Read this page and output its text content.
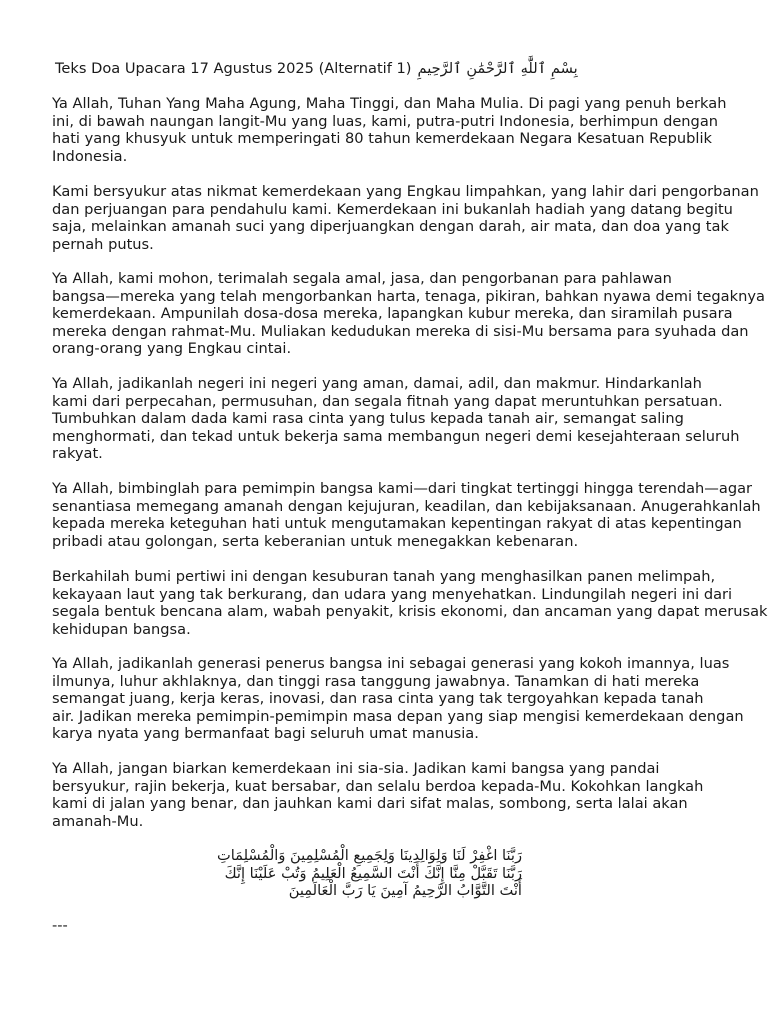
Teks Doa Upacara 17 Agustus 2025 (Alternatif 1) بِسْمِ ٱللَّٰهِ ٱلرَّحْمَٰنِ ٱلرَّحِيمِ

Ya Allah, Tuhan Yang Maha Agung, Maha Tinggi, dan Maha Mulia. Di pagi yang penuh berkah
ini, di bawah naungan langit-Mu yang luas, kami, putra-putri Indonesia, berhimpun dengan
hati yang khusyuk untuk memperingati 80 tahun kemerdekaan Negara Kesatuan Republik
Indonesia.

Kami bersyukur atas nikmat kemerdekaan yang Engkau limpahkan, yang lahir dari pengorbanan
dan perjuangan para pendahulu kami. Kemerdekaan ini bukanlah hadiah yang datang begitu
saja, melainkan amanah suci yang diperjuangkan dengan darah, air mata, dan doa yang tak
pernah putus.

Ya Allah, kami mohon, terimalah segala amal, jasa, dan pengorbanan para pahlawan
bangsa—mereka yang telah mengorbankan harta, tenaga, pikiran, bahkan nyawa demi tegaknya
kemerdekaan. Ampunilah dosa-dosa mereka, lapangkan kubur mereka, dan siramilah pusara
mereka dengan rahmat-Mu. Muliakan kedudukan mereka di sisi-Mu bersama para syuhada dan
orang-orang yang Engkau cintai.

Ya Allah, jadikanlah negeri ini negeri yang aman, damai, adil, dan makmur. Hindarkanlah
kami dari perpecahan, permusuhan, dan segala fitnah yang dapat meruntuhkan persatuan.
Tumbuhkan dalam dada kami rasa cinta yang tulus kepada tanah air, semangat saling
menghormati, dan tekad untuk bekerja sama membangun negeri demi kesejahteraan seluruh
rakyat.

Ya Allah, bimbinglah para pemimpin bangsa kami—dari tingkat tertinggi hingga terendah—agar
senantiasa memegang amanah dengan kejujuran, keadilan, dan kebijaksanaan. Anugerahkanlah
kepada mereka keteguhan hati untuk mengutamakan kepentingan rakyat di atas kepentingan
pribadi atau golongan, serta keberanian untuk menegakkan kebenaran.

Berkahilah bumi pertiwi ini dengan kesuburan tanah yang menghasilkan panen melimpah,
kekayaan laut yang tak berkurang, dan udara yang menyehatkan. Lindungilah negeri ini dari
segala bentuk bencana alam, wabah penyakit, krisis ekonomi, dan ancaman yang dapat merusak
kehidupan bangsa.

Ya Allah, jadikanlah generasi penerus bangsa ini sebagai generasi yang kokoh imannya, luas
ilmunya, luhur akhlaknya, dan tinggi rasa tanggung jawabnya. Tanamkan di hati mereka
semangat juang, kerja keras, inovasi, dan rasa cinta yang tak tergoyahkan kepada tanah
air. Jadikan mereka pemimpin-pemimpin masa depan yang siap mengisi kemerdekaan dengan
karya nyata yang bermanfaat bagi seluruh umat manusia.

Ya Allah, jangan biarkan kemerdekaan ini sia-sia. Jadikan kami bangsa yang pandai
bersyukur, rajin bekerja, kuat bersabar, dan selalu berdoa kepada-Mu. Kokohkan langkah
kami di jalan yang benar, dan jauhkan kami dari sifat malas, sombong, serta lalai akan
amanah-Mu.

رَبَّنَا اغْفِرْ لَنَا وَلِوَالِدِينَا وَلِجَمِيعِ الْمُسْلِمِينَ وَالْمُسْلِمَاتِ
رَبَّنَا تَقَبَّلْ مِنَّا إِنَّكَ أَنْتَ السَّمِيعُ الْعَلِيمُ وَتُبْ عَلَيْنَا إِنَّكَ
أَنْتَ التَّوَّابُ الرَّحِيمُ آمِينَ يَا رَبَّ الْعَالَمِينَ

---
